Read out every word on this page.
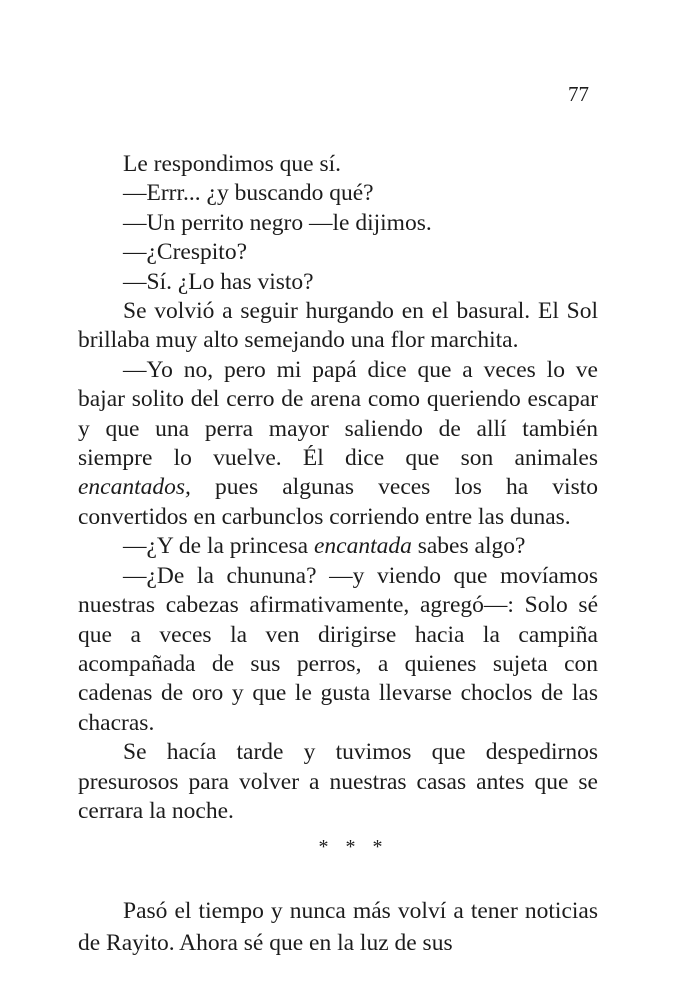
77

Le respondimos que sí.

—Errr... ¿y buscando qué?

—Un perrito negro —le dijimos.

—¿Crespito?

—Sí. ¿Lo has visto?

Se volvió a seguir hurgando en el basural. El Sol brillaba muy alto semejando una flor marchita.

—Yo no, pero mi papá dice que a veces lo ve bajar solito del cerro de arena como queriendo escapar y que una perra mayor saliendo de allí también siempre lo vuelve. Él dice que son animales encantados, pues algunas veces los ha visto convertidos en carbunclos corriendo entre las dunas.

—¿Y de la princesa encantada sabes algo?

—¿De la chununa? —y viendo que movíamos nuestras cabezas afirmativamente, agregó—: Solo sé que a veces la ven dirigirse hacia la campiña acompañada de sus perros, a quienes sujeta con cadenas de oro y que le gusta llevarse choclos de las chacras.

Se hacía tarde y tuvimos que despedirnos presurosos para volver a nuestras casas antes que se cerrara la noche.

* * *

Pasó el tiempo y nunca más volví a tener noticias de Rayito. Ahora sé que en la luz de sus
